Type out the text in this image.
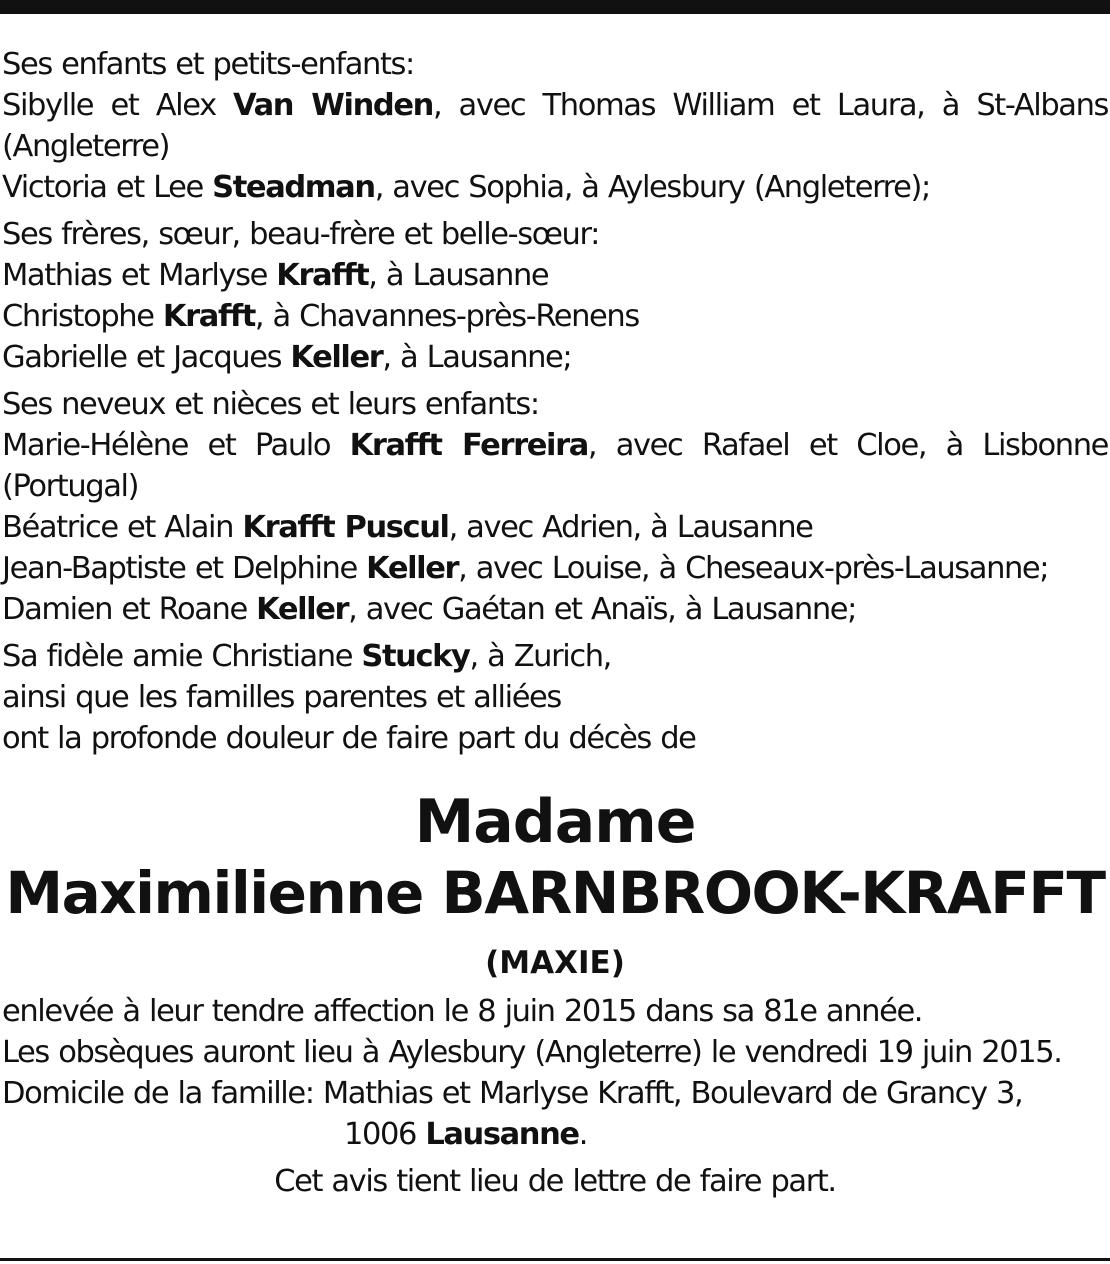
Ses enfants et petits-enfants:
Sibylle et Alex Van Winden, avec Thomas William et Laura, à St-Albans (Angleterre)
Victoria et Lee Steadman, avec Sophia, à Aylesbury (Angleterre);
Ses frères, sœur, beau-frère et belle-sœur:
Mathias et Marlyse Krafft, à Lausanne
Christophe Krafft, à Chavannes-près-Renens
Gabrielle et Jacques Keller, à Lausanne;
Ses neveux et nièces et leurs enfants:
Marie-Hélène et Paulo Krafft Ferreira, avec Rafael et Cloe, à Lisbonne (Portugal)
Béatrice et Alain Krafft Puscul, avec Adrien, à Lausanne
Jean-Baptiste et Delphine Keller, avec Louise, à Cheseaux-près-Lausanne;
Damien et Roane Keller, avec Gaétan et Anaïs, à Lausanne;
Sa fidèle amie Christiane Stucky, à Zurich,
ainsi que les familles parentes et alliées
ont la profonde douleur de faire part du décès de
Madame
Maximilienne BARNBROOK-KRAFFT
(MAXIE)
enlevée à leur tendre affection le 8 juin 2015 dans sa 81e année.
Les obsèques auront lieu à Aylesbury (Angleterre) le vendredi 19 juin 2015.
Domicile de la famille: Mathias et Marlyse Krafft, Boulevard de Grancy 3,
1006 Lausanne.
Cet avis tient lieu de lettre de faire part.
